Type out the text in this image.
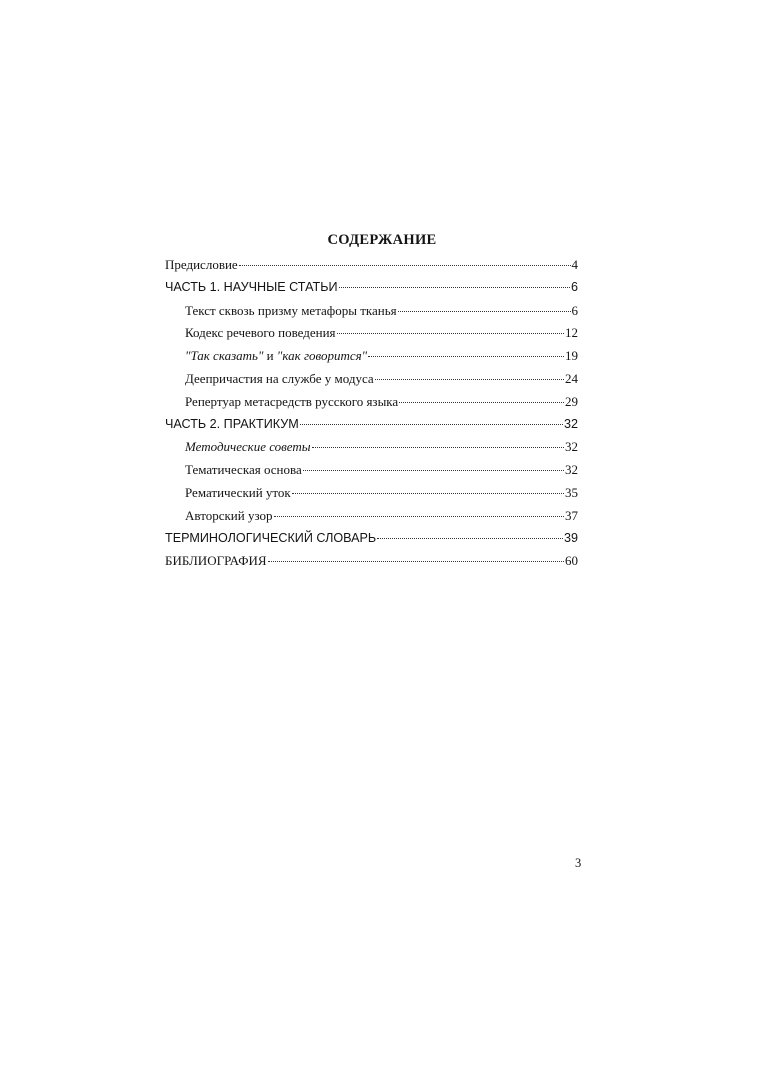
СОДЕРЖАНИЕ
Предисловие	4
ЧАСТЬ 1. НАУЧНЫЕ СТАТЬИ	6
Текст сквозь призму метафоры тканья	6
Кодекс речевого поведения	12
"Так сказать" и "как говорится"	19
Деепричастия на службе у модуса	24
Репертуар метасредств русского языка	29
ЧАСТЬ 2. ПРАКТИКУМ	32
Методические советы	32
Тематическая основа	32
Рематический уток	35
Авторский узор	37
ТЕРМИНОЛОГИЧЕСКИЙ СЛОВАРЬ	39
БИБЛИОГРАФИЯ	60
3
